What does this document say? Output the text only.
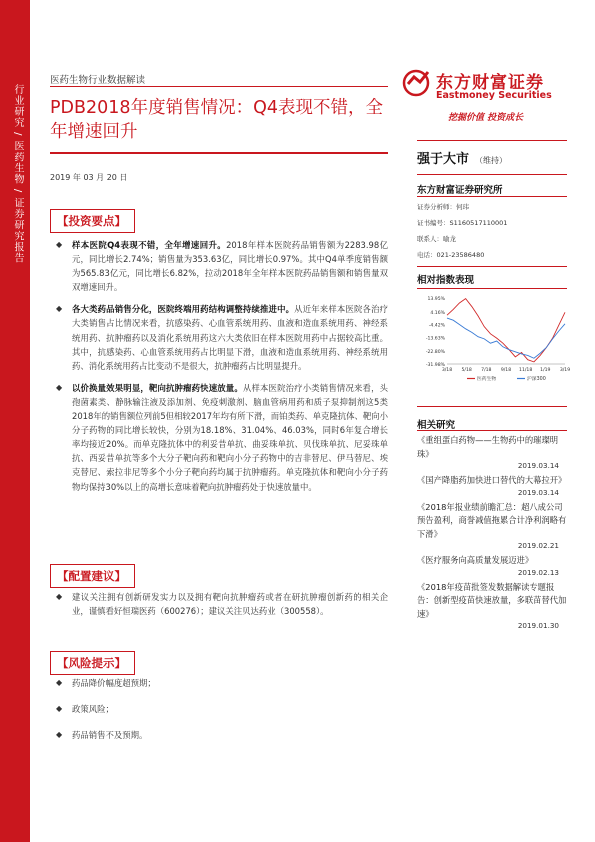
行业研究 / 医药生物 / 证券研究报告
医药生物行业数据解读	东方财富证券
Eastmoney Securities
挖掘价值 投资成长
PDB2018年度销售情况：Q4表现不错，全年增速回升
2019 年 03 月 20 日
【投资要点】
◆ 样本医院Q4表现不错，全年增速回升。2018年样本医院药品销售额为2283.98亿元，同比增长2.74%；销售量为353.63亿，同比增长0.97%。其中Q4单季度销售额为565.83亿元，同比增长6.82%，拉动2018年全年样本医院药品销售额和销售量双双增速回升。
◆ 各大类药品销售分化，医院终端用药结构调整持续推进中。从近年来样本医院各治疗大类销售占比情况来看，抗感染药、心血管系统用药、血液和造血系统用药、神经系统用药、抗肿瘤药以及消化系统用药这六大类依旧在样本医院用药中占据较高比重。其中，抗感染药、心血管系统用药占比明显下滑，血液和造血系统用药、神经系统用药、消化系统用药占比变动不是很大，抗肿瘤药占比明显提升。
◆ 以价换量效果明显，靶向抗肿瘤药快速放量。从样本医院治疗小类销售情况来看，头孢菌素类、静脉输注液及添加剂、免疫刺激剂、脑血管病用药和质子泵抑制剂这5类2018年的销售额位列前5但相较2017年均有所下滑，而铂类药、单克隆抗体、靶向小分子药物的同比增长较快，分别为18.18%、31.04%、46.03%，同时6年复合增长率均接近20%。而单克隆抗体中的利妥昔单抗、曲妥珠单抗、贝伐珠单抗、尼妥珠单抗、西妥昔单抗等多个大分子靶向药和靶向小分子药物中的吉非替尼、伊马替尼、埃克替尼、索拉非尼等多个小分子靶向药均属于抗肿瘤药。单克隆抗体和靶向小分子药物均保持30%以上的高增长意味着靶向抗肿瘤药处于快速放量中。
【配置建议】
◆ 建议关注拥有创新研发实力以及拥有靶向抗肿瘤药或者在研抗肿瘤创新药的相关企业，谨慎看好恒瑞医药（600276）；建议关注贝达药业（300558）。
【风险提示】
◆ 药品降价幅度超预期；
◆ 政策风险；
◆ 药品销售不及预期。
强于大市 （维持）
东方财富证券研究所
证券分析师：何玮
证书编号：S1160517110001
联系人：喻龙
电话：021-23586480
相对指数表现
13.95%
4.16%
-4.42%
-13.63%
-22.80%
-31.98%
3/18 5/18 7/18 9/18 11/18 1/19 3/19
医药生物	沪深300
相关研究
《重组蛋白药物——生物药中的璀璨明珠》
2019.03.14
《国产降脂药加快进口替代的大幕拉开》
2019.03.14
《2018年报业绩前瞻汇总：超八成公司预告盈利，商誉减值拖累合计净利润略有下滑》
2019.02.21
《医疗服务向高质量发展迈进》
2019.02.13
《2018年疫苗批签发数据解读专题报告：创新型疫苗快速放量，多联苗替代加速》
2019.01.30
